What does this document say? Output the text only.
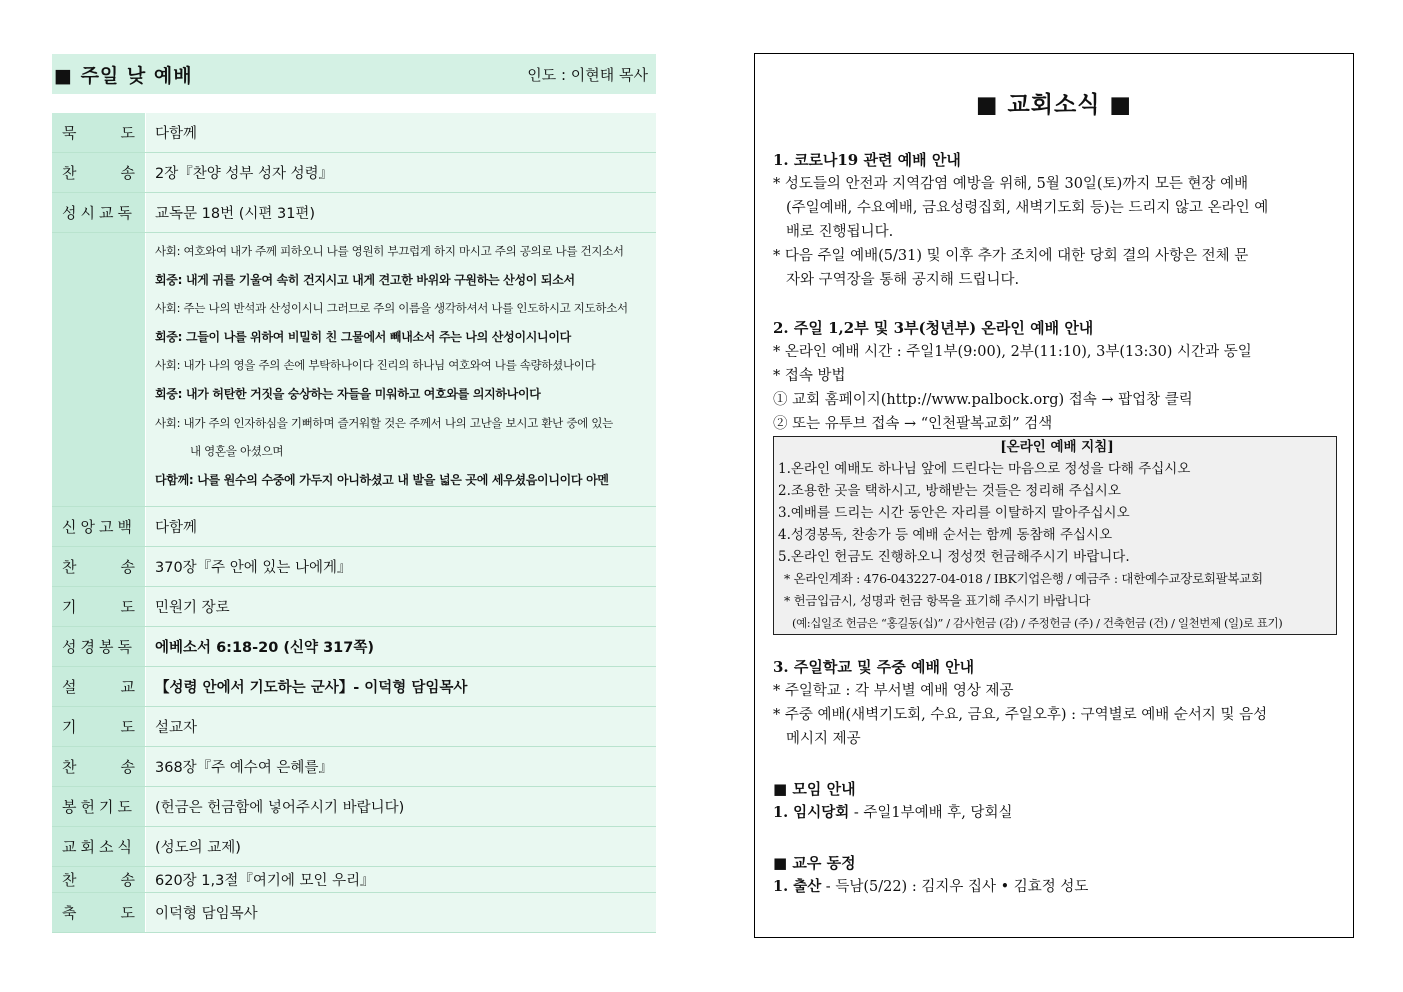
■ 주일 낮 예배	인도 : 이현태 목사
묵	도	다함께
찬	송	2장『찬양 성부 성자 성령』
성 시 교 독	교독문 18번 (시편 31편)
사회: 여호와여 내가 주께 피하오니 나를 영원히 부끄럽게 하지 마시고 주의 공의로 나를 건지소서
회중: 내게 귀를 기울여 속히 건지시고 내게 견고한 바위와 구원하는 산성이 되소서
사회: 주는 나의 반석과 산성이시니 그러므로 주의 이름을 생각하셔서 나를 인도하시고 지도하소서
회중: 그들이 나를 위하여 비밀히 친 그물에서 빼내소서 주는 나의 산성이시니이다
사회: 내가 나의 영을 주의 손에 부탁하나이다 진리의 하나님 여호와여 나를 속량하셨나이다
회중: 내가 허탄한 거짓을 숭상하는 자들을 미워하고 여호와를 의지하나이다
사회: 내가 주의 인자하심을 기뻐하며 즐거워할 것은 주께서 나의 고난을 보시고 환난 중에 있는
내 영혼을 아셨으며
다함께: 나를 원수의 수중에 가두지 아니하셨고 내 발을 넓은 곳에 세우셨음이니이다 아멘
신 앙 고 백	다함께
찬	송	370장『주 안에 있는 나에게』
기	도	민원기 장로
성 경 봉 독	에베소서 6:18-20 (신약 317쪽)
설	교	【성령 안에서 기도하는 군사】- 이덕형 담임목사
기	도	설교자
찬	송	368장『주 예수여 은혜를』
봉 헌 기 도	(헌금은 헌금함에 넣어주시기 바랍니다)
교 회 소 식	(성도의 교제)
찬	송	620장 1,3절『여기에 모인 우리』
축	도	이덕형 담임목사
■ 교회소식 ■
1. 코로나19 관련 예배 안내
* 성도들의 안전과 지역감염 예방을 위해, 5월 30일(토)까지 모든 현장 예배
(주일예배, 수요예배, 금요성령집회, 새벽기도회 등)는 드리지 않고 온라인 예
배로 진행됩니다.
* 다음 주일 예배(5/31) 및 이후 추가 조치에 대한 당회 결의 사항은 전체 문
자와 구역장을 통해 공지해 드립니다.
2. 주일 1,2부 및 3부(청년부) 온라인 예배 안내
* 온라인 예배 시간 : 주일1부(9:00), 2부(11:10), 3부(13:30) 시간과 동일
* 접속 방법
① 교회 홈페이지(http://www.palbock.org) 접속 → 팝업창 클릭
② 또는 유투브 접속 → “인천팔복교회” 검색
[온라인 예배 지침]
1.온라인 예배도 하나님 앞에 드린다는 마음으로 정성을 다해 주십시오
2.조용한 곳을 택하시고, 방해받는 것들은 정리해 주십시오
3.예배를 드리는 시간 동안은 자리를 이탈하지 말아주십시오
4.성경봉독, 찬송가 등 예배 순서는 함께 동참해 주십시오
5.온라인 헌금도 진행하오니 정성껏 헌금해주시기 바랍니다.
* 온라인계좌 : 476-043227-04-018 / IBK기업은행 / 예금주 : 대한예수교장로회팔복교회
* 헌금입금시, 성명과 헌금 항목을 표기해 주시기 바랍니다
(예:십일조 헌금은 “홍길동(십)” / 감사헌금 (감) / 주정헌금 (주) / 건축헌금 (건) / 일천번제 (일)로 표기)
3. 주일학교 및 주중 예배 안내
* 주일학교 : 각 부서별 예배 영상 제공
* 주중 예배(새벽기도회, 수요, 금요, 주일오후) : 구역별로 예배 순서지 및 음성
메시지 제공
■ 모임 안내
1. 임시당회 - 주일1부예배 후, 당회실
■ 교우 동정
1. 출산 - 득남(5/22) : 김지우 집사 • 김효정 성도
